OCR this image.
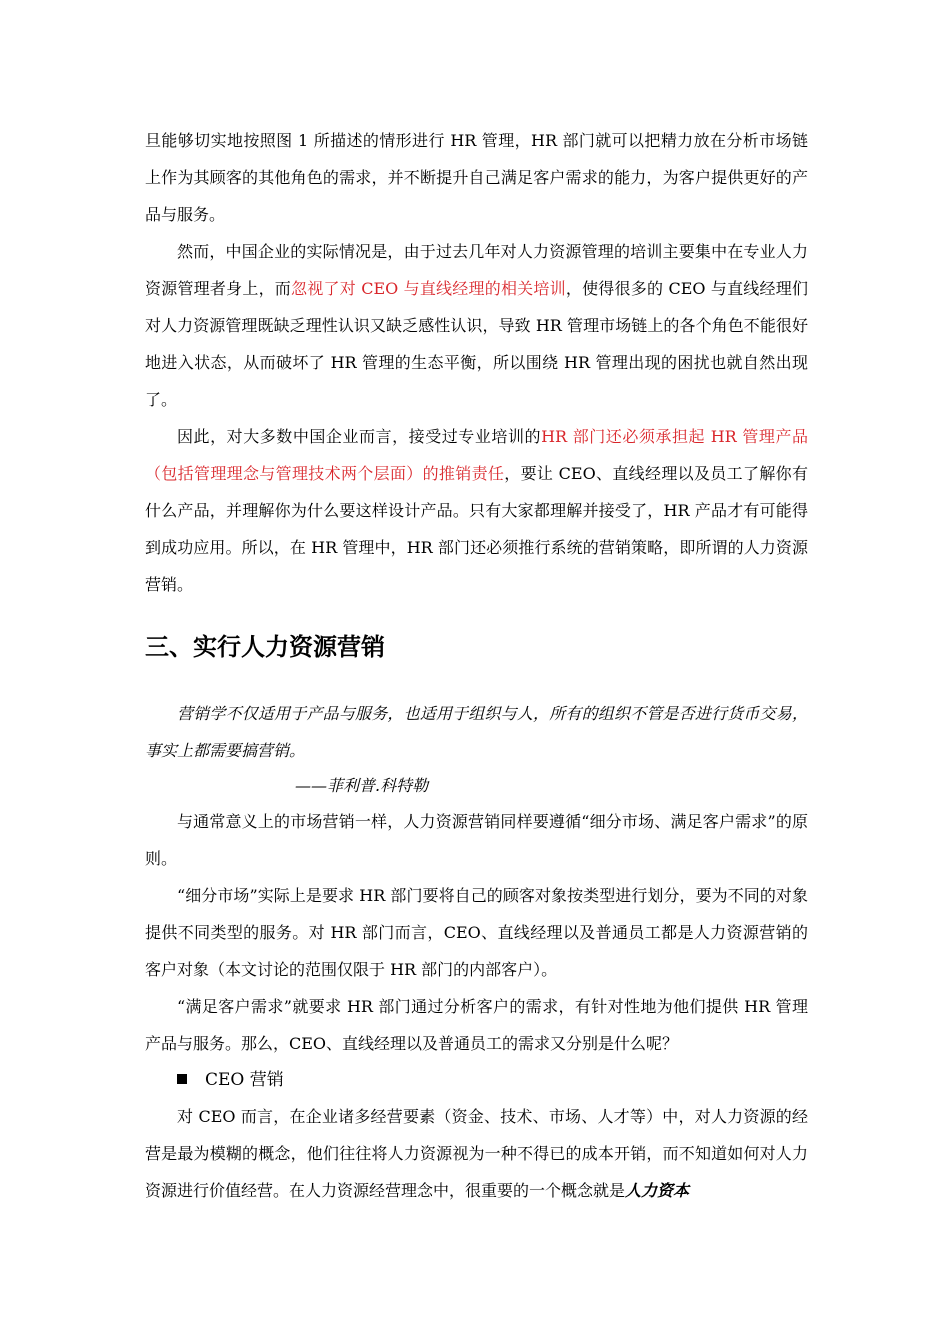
旦能够切实地按照图 1 所描述的情形进行 HR 管理，HR 部门就可以把精力放在分析市场链上作为其顾客的其他角色的需求，并不断提升自己满足客户需求的能力，为客户提供更好的产品与服务。

然而，中国企业的实际情况是，由于过去几年对人力资源管理的培训主要集中在专业人力资源管理者身上，而忽视了对 CEO 与直线经理的相关培训，使得很多的 CEO 与直线经理们对人力资源管理既缺乏理性认识又缺乏感性认识，导致 HR 管理市场链上的各个角色不能很好地进入状态，从而破坏了 HR 管理的生态平衡，所以围绕 HR 管理出现的困扰也就自然出现了。

因此，对大多数中国企业而言，接受过专业培训的HR 部门还必须承担起 HR 管理产品（包括管理理念与管理技术两个层面）的推销责任，要让 CEO、直线经理以及员工了解你有什么产品，并理解你为什么要这样设计产品。只有大家都理解并接受了，HR 产品才有可能得到成功应用。所以，在 HR 管理中，HR 部门还必须推行系统的营销策略，即所谓的人力资源营销。

三、实行人力资源营销

营销学不仅适用于产品与服务，也适用于组织与人，所有的组织不管是否进行货币交易，事实上都需要搞营销。

——菲利普.科特勒

与通常意义上的市场营销一样，人力资源营销同样要遵循“细分市场、满足客户需求”的原则。

“细分市场”实际上是要求 HR 部门要将自己的顾客对象按类型进行划分，要为不同的对象提供不同类型的服务。对 HR 部门而言，CEO、直线经理以及普通员工都是人力资源营销的客户对象（本文讨论的范围仅限于 HR 部门的内部客户）。

“满足客户需求”就要求 HR 部门通过分析客户的需求，有针对性地为他们提供 HR 管理产品与服务。那么，CEO、直线经理以及普通员工的需求又分别是什么呢？

CEO 营销

对 CEO 而言，在企业诸多经营要素（资金、技术、市场、人才等）中，对人力资源的经营是最为模糊的概念，他们往往将人力资源视为一种不得已的成本开销，而不知道如何对人力资源进行价值经营。在人力资源经营理念中，很重要的一个概念就是人力资本
